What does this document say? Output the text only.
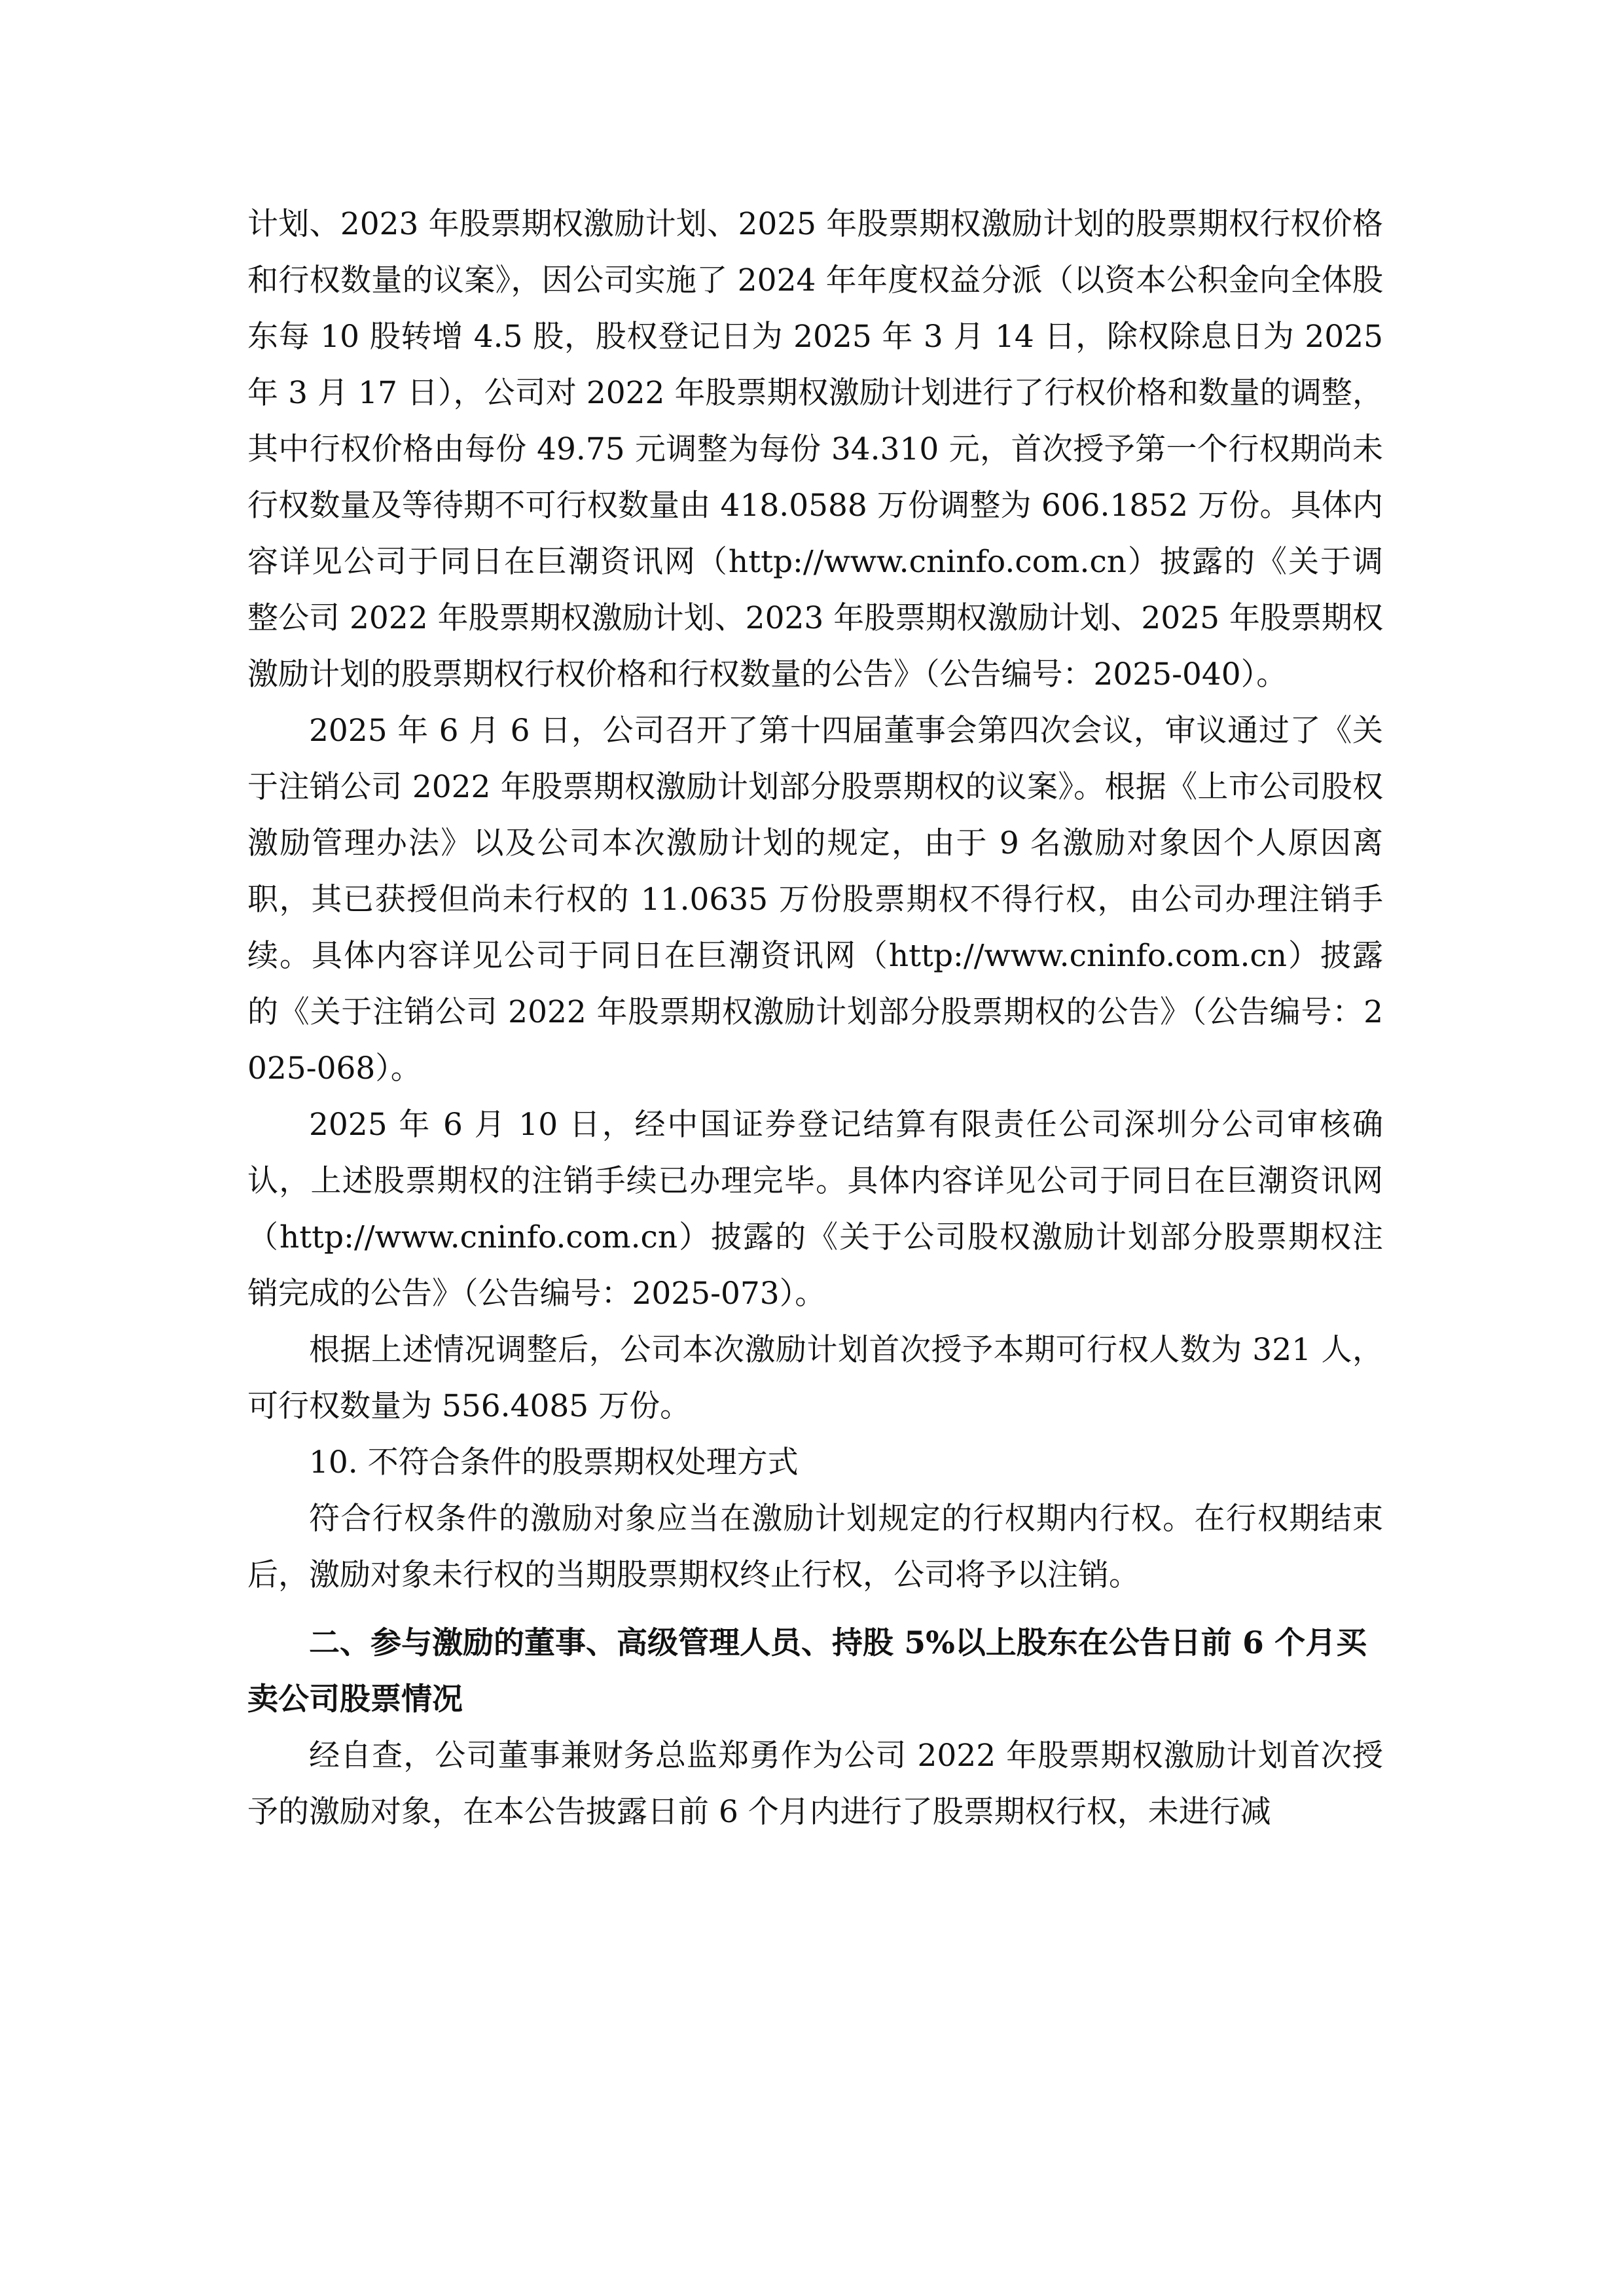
计划、2023 年股票期权激励计划、2025 年股票期权激励计划的股票期权行权价格和行权数量的议案》，因公司实施了 2024 年年度权益分派（以资本公积金向全体股东每 10 股转增 4.5 股，股权登记日为 2025 年 3 月 14 日，除权除息日为 2025 年 3 月 17 日），公司对 2022 年股票期权激励计划进行了行权价格和数量的调整，其中行权价格由每份 49.75 元调整为每份 34.310 元，首次授予第一个行权期尚未行权数量及等待期不可行权数量由 418.0588 万份调整为 606.1852 万份。具体内容详见公司于同日在巨潮资讯网（http://www.cninfo.com.cn）披露的《关于调整公司 2022 年股票期权激励计划、2023 年股票期权激励计划、2025 年股票期权激励计划的股票期权行权价格和行权数量的公告》（公告编号：2025-040）。

2025 年 6 月 6 日，公司召开了第十四届董事会第四次会议，审议通过了《关于注销公司 2022 年股票期权激励计划部分股票期权的议案》。根据《上市公司股权激励管理办法》以及公司本次激励计划的规定，由于 9 名激励对象因个人原因离职，其已获授但尚未行权的 11.0635 万份股票期权不得行权，由公司办理注销手续。具体内容详见公司于同日在巨潮资讯网（http://www.cninfo.com.cn）披露的《关于注销公司 2022 年股票期权激励计划部分股票期权的公告》（公告编号：2025-068）。

2025 年 6 月 10 日，经中国证券登记结算有限责任公司深圳分公司审核确认，上述股票期权的注销手续已办理完毕。具体内容详见公司于同日在巨潮资讯网（http://www.cninfo.com.cn）披露的《关于公司股权激励计划部分股票期权注销完成的公告》（公告编号：2025-073）。

根据上述情况调整后，公司本次激励计划首次授予本期可行权人数为 321 人，可行权数量为 556.4085 万份。

10. 不符合条件的股票期权处理方式

符合行权条件的激励对象应当在激励计划规定的行权期内行权。在行权期结束后，激励对象未行权的当期股票期权终止行权，公司将予以注销。

二、参与激励的董事、高级管理人员、持股 5%以上股东在公告日前 6 个月买卖公司股票情况

经自查，公司董事兼财务总监郑勇作为公司 2022 年股票期权激励计划首次授予的激励对象，在本公告披露日前 6 个月内进行了股票期权行权，未进行减
